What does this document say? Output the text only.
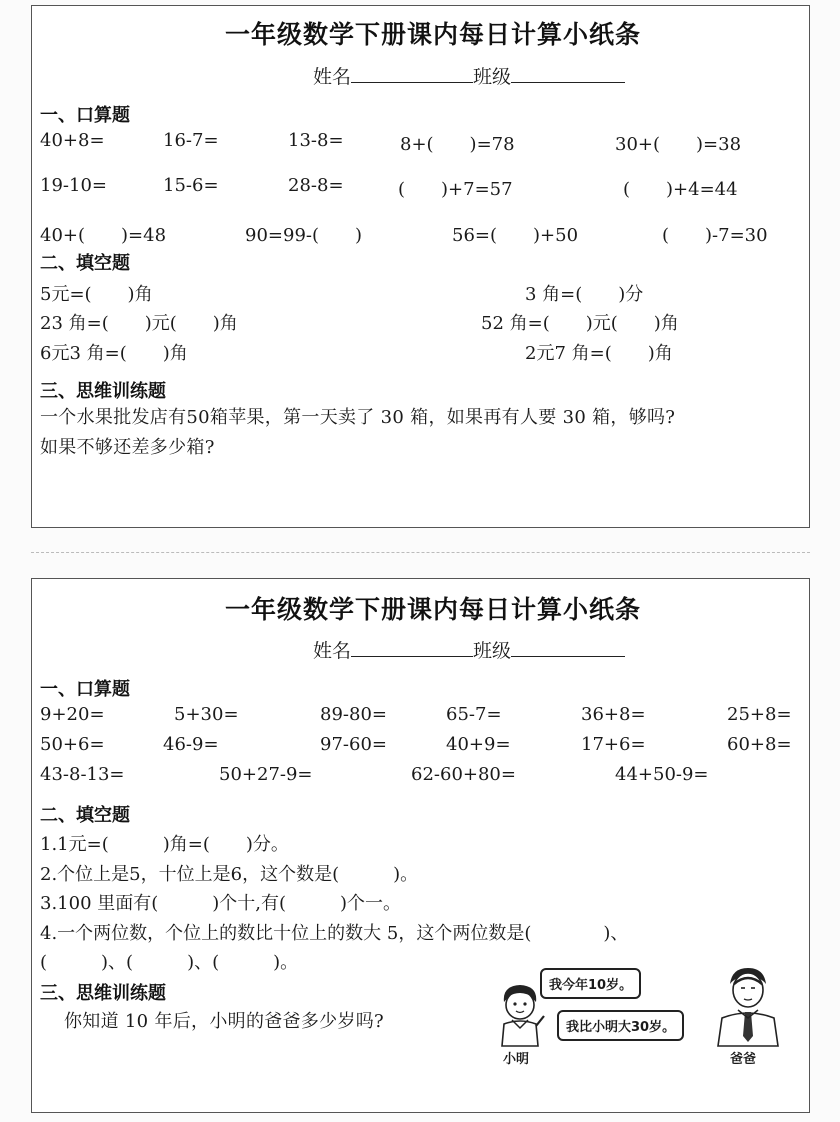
一年级数学下册课内每日计算小纸条
姓名	班级
一、口算题
40+8=	16-7=	13-8=	8+(　　)=78	30+(　　)=38
19-10=	15-6=	28-8=	(　　)+7=57	(　　)+4=44
40+(　　)=48	90=99-(　　)	56=(　　)+50	(　　)-7=30
二、填空题
5元=(　　)角	3 角=(　　)分
23 角=(　　)元(　　)角	52 角=(　　)元(　　)角
6元3 角=(　　)角	2元7 角=(　　)角
三、思维训练题
一个水果批发店有50箱苹果，第一天卖了 30 箱，如果再有人要 30 箱，够吗?
如果不够还差多少箱?
一年级数学下册课内每日计算小纸条
姓名	班级
一、口算题
9+20=	5+30=	89-80=	65-7=	36+8=	25+8=
50+6=	46-9=	97-60=	40+9=	17+6=	60+8=
43-8-13=	50+27-9=	62-60+80=	44+50-9=
二、填空题
1.1元=(　　　)角=(　　)分。
2.个位上是5，十位上是6，这个数是(　　　)。
3.100 里面有(　　　)个十,有(　　　)个一。
4.一个两位数，个位上的数比十位上的数大 5，这个两位数是(　　　　)、
(　　　)、(　　　)、(　　　)。
三、思维训练题
你知道 10 年后，小明的爸爸多少岁吗?
我今年10岁。
我比小明大30岁。
小明	爸爸
